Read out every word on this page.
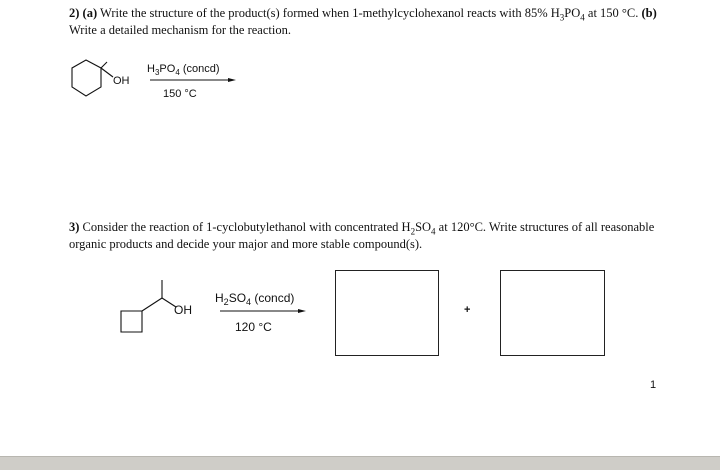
2) (a) Write the structure of the product(s) formed when 1-methylcyclohexanol reacts with 85% $H_3PO_4$ at 150 °C. (b) Write a detailed mechanism for the reaction.
3) Consider the reaction of 1-cyclobutylethanol with concentrated $H_2SO_4$ at 120°C. Write structures of all reasonable organic products and decide your major and more stable compound(s).
OH
$H_3PO_4$ (concd)
150 °C
OH
$H_2SO_4$ (concd)
120 °C
+
1
